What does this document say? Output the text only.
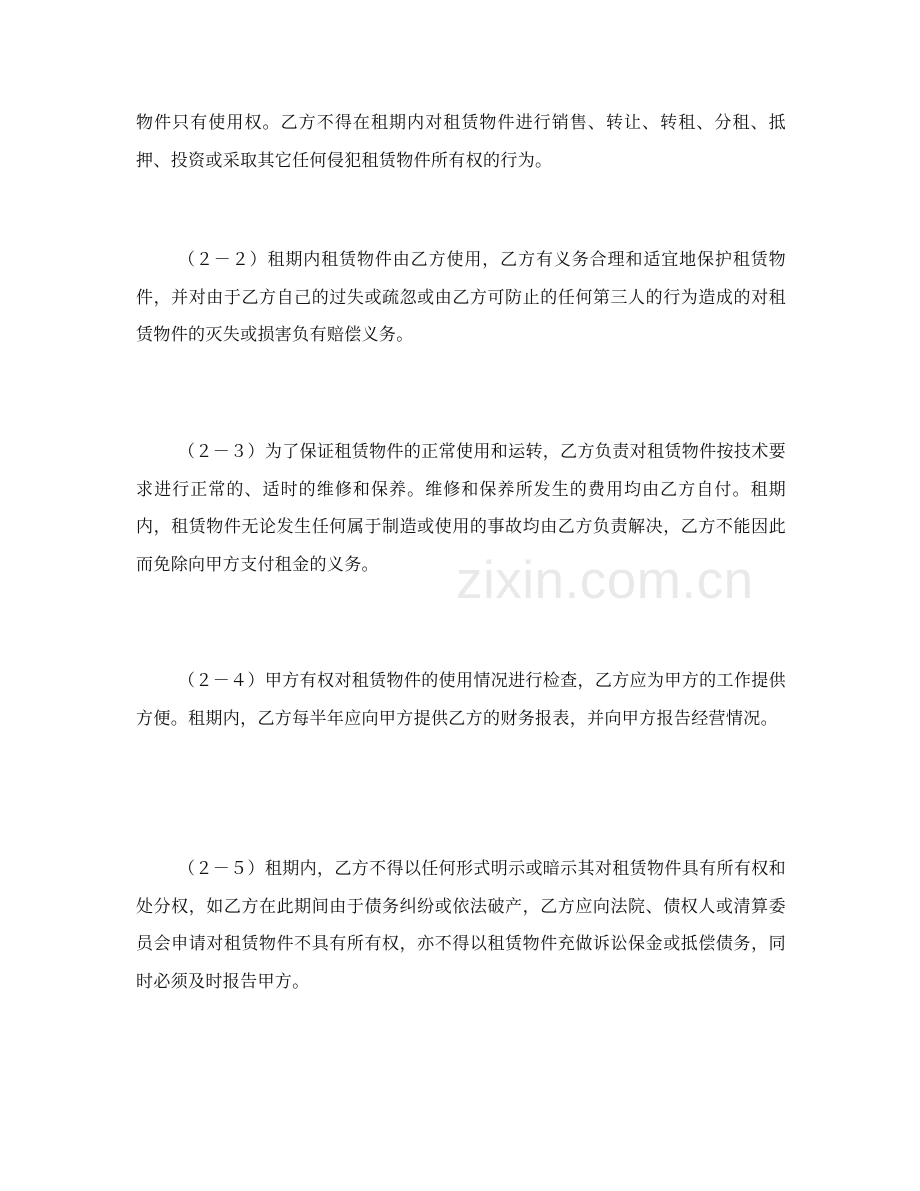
物件只有使用权。乙方不得在租期内对租赁物件进行销售、转让、转租、分租、抵押、投资或采取其它任何侵犯租赁物件所有权的行为。

（２－２）租期内租赁物件由乙方使用，乙方有义务合理和适宜地保护租赁物件，并对由于乙方自己的过失或疏忽或由乙方可防止的任何第三人的行为造成的对租赁物件的灭失或损害负有赔偿义务。

（２－３）为了保证租赁物件的正常使用和运转，乙方负责对租赁物件按技术要求进行正常的、适时的维修和保养。维修和保养所发生的费用均由乙方自付。租期内，租赁物件无论发生任何属于制造或使用的事故均由乙方负责解决，乙方不能因此而免除向甲方支付租金的义务。

（２－４）甲方有权对租赁物件的使用情况进行检查，乙方应为甲方的工作提供方便。租期内，乙方每半年应向甲方提供乙方的财务报表，并向甲方报告经营情况。

（２－５）租期内，乙方不得以任何形式明示或暗示其对租赁物件具有所有权和处分权，如乙方在此期间由于债务纠纷或依法破产，乙方应向法院、债权人或清算委员会申请对租赁物件不具有所有权，亦不得以租赁物件充做诉讼保金或抵偿债务，同时必须及时报告甲方。

zixin.com.cn
